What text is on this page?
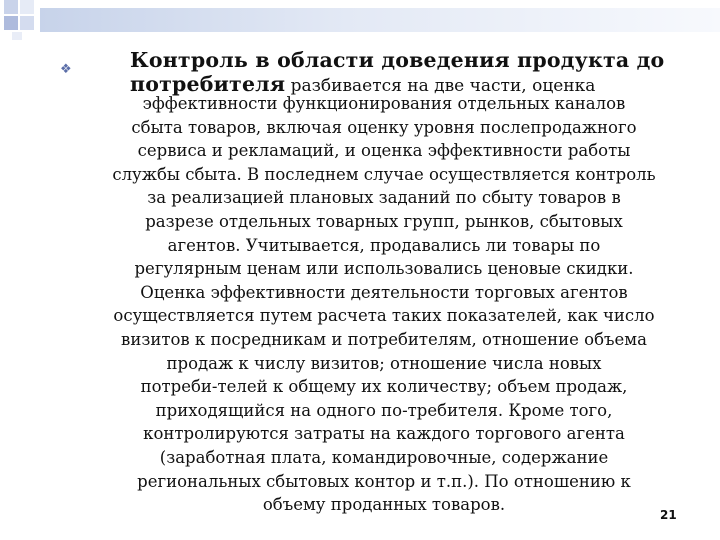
❖	Контроль в области доведения продукта до
потребителя разбивается на две части, оценка
эффективности функционирования отдельных каналов
сбыта товаров, включая оценку уровня послепродажного
сервиса и рекламаций, и оценка эффективности работы
службы сбыта. В последнем случае осуществляется контроль
за реализацией плановых заданий по сбыту товаров в
разрезе отдельных товарных групп, рынков, сбытовых
агентов. Учитывается, продавались ли товары по
регулярным ценам или использовались ценовые скидки.
Оценка эффективности деятельности торговых агентов
осуществляется путем расчета таких показателей, как число
визитов к посредникам и потребителям, отношение объема
продаж к числу визитов; отношение числа новых
потреби-телей к общему их количеству; объем продаж,
приходящийся на одного по-требителя. Кроме того,
контролируются затраты на каждого торгового агента
(заработная плата, командировочные, содержание
региональных сбытовых контор и т.п.). По отношению к
объему проданных товаров.
21
